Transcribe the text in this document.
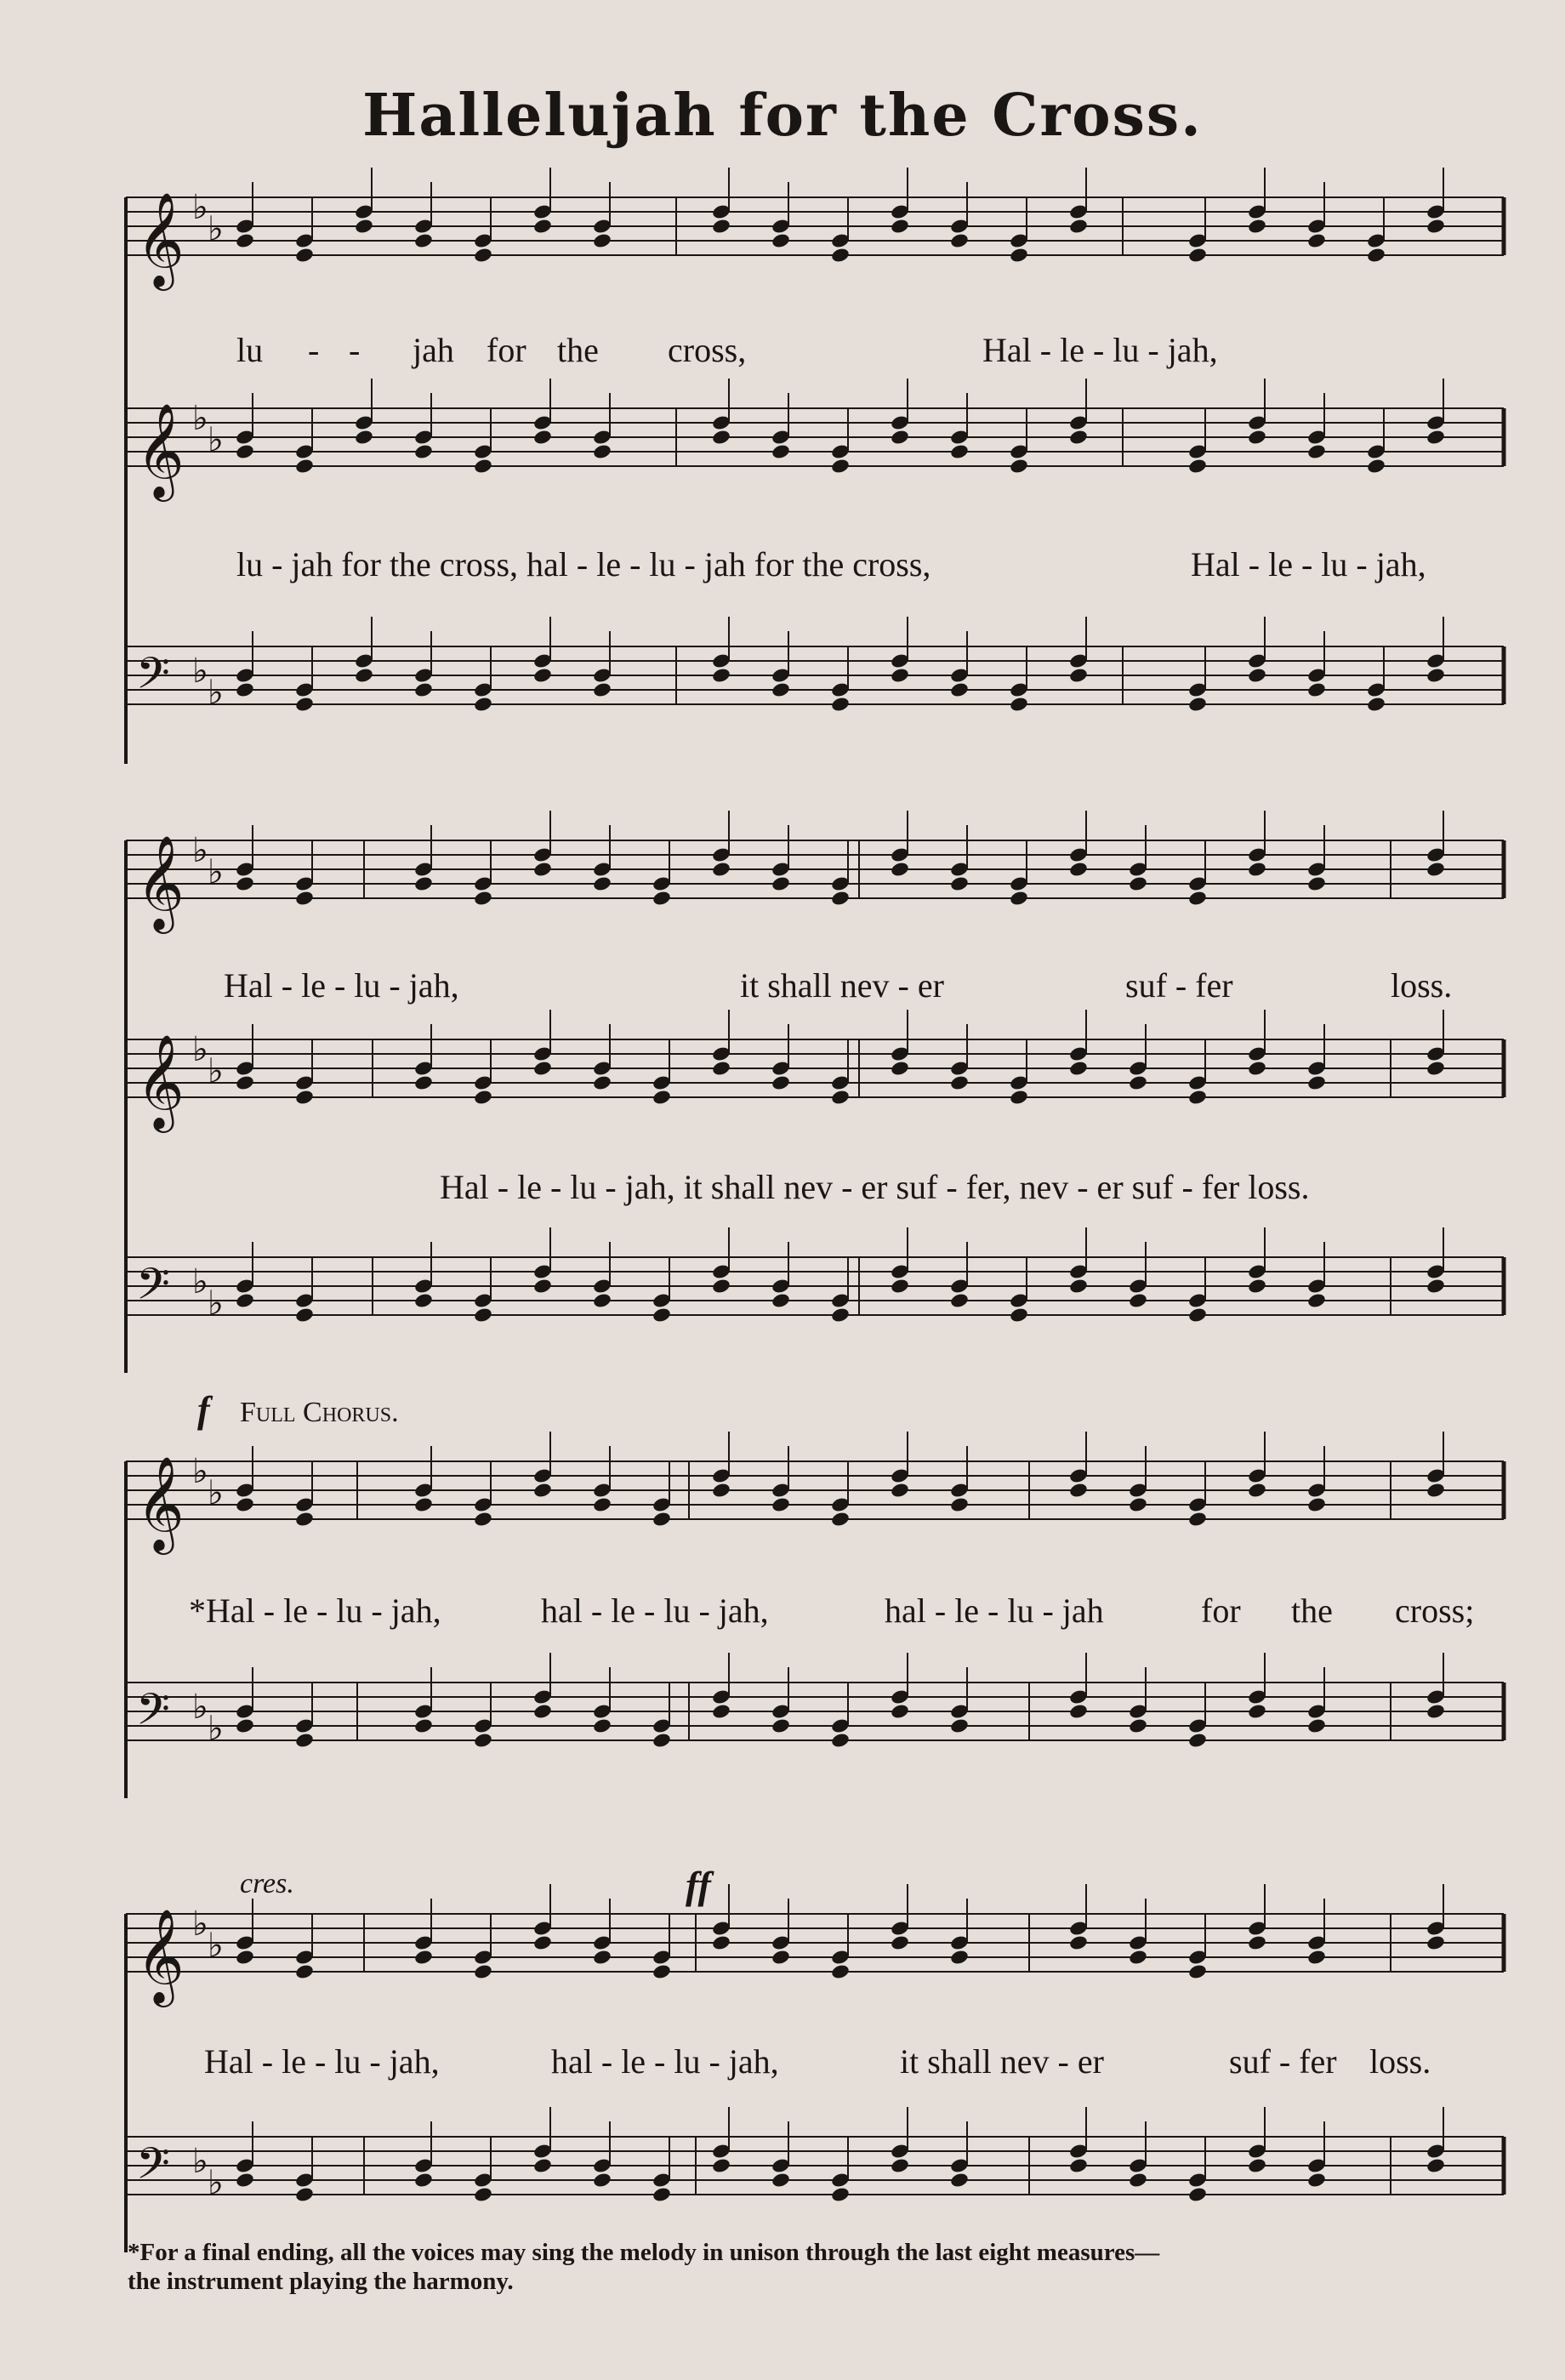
Hallelujah for the Cross.
𝄞 ♭
♭
𝄞 ♭
♭
𝄢 ♭
♭
𝄞 ♭
♭
𝄞 ♭
♭
𝄢 ♭
♭
𝄞 ♭
♭
𝄢 ♭
♭
𝄞 ♭
♭
𝄢 ♭
♭
lu - - jah for the cross,	Hal - le - lu - jah,
lu - jah for the cross, hal - le - lu - jah for the cross,	Hal - le - lu - jah,
Hal - le - lu - jah,	it shall nev - er	suf - fer	loss.
Hal - le - lu - jah, it shall nev - er suf - fer, nev - er suf - fer loss.
f Full Chorus.
*Hal - le - lu - jah,	hal - le - lu - jah,	hal - le - lu - jah	for the cross;
cres.	ff
Hal - le - lu - jah,	hal - le - lu - jah,	it shall nev - er	suf - fer loss.
*For a final ending, all the voices may sing the melody in unison through the last eight measures—
the instrument playing the harmony.
